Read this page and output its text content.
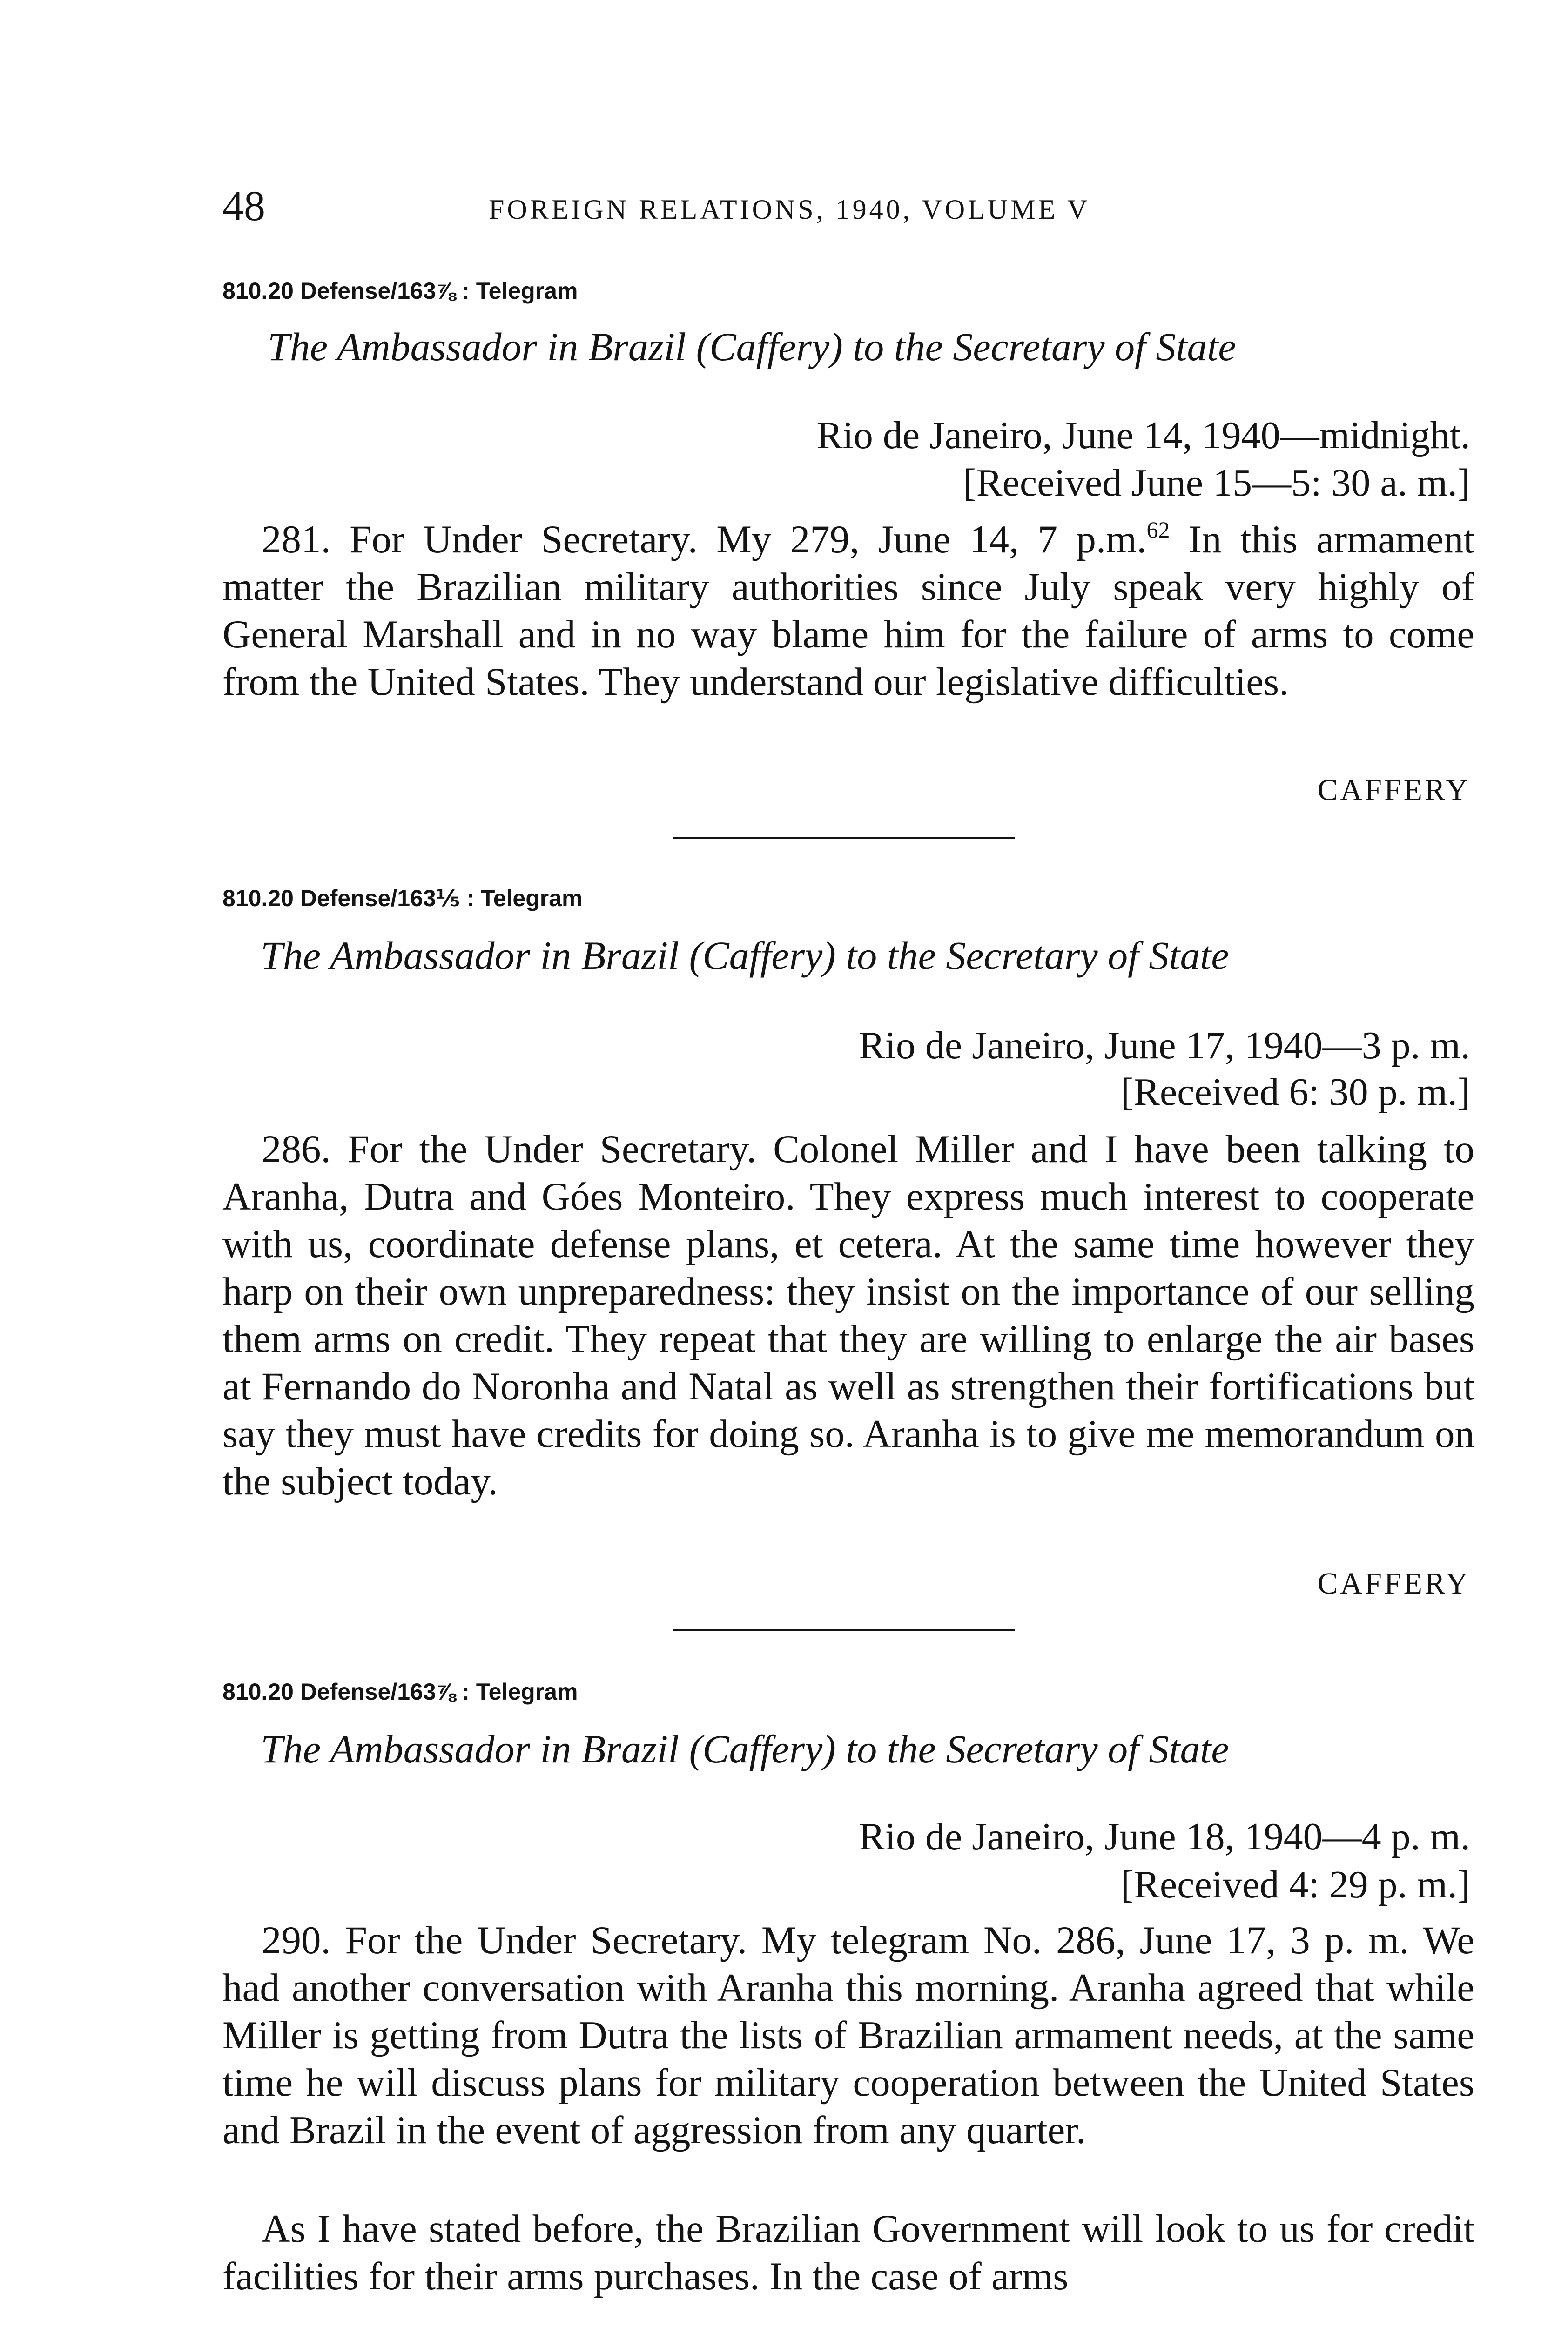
48	FOREIGN RELATIONS, 1940, VOLUME V
810.20 Defense/163⅞ : Telegram
The Ambassador in Brazil (Caffery) to the Secretary of State
Rio de Janeiro, June 14, 1940—midnight.
[Received June 15—5: 30 a. m.]

281. For Under Secretary. My 279, June 14, 7 p.m.$^{62}$ In this armament matter the Brazilian military authorities since July speak very highly of General Marshall and in no way blame him for the failure of arms to come from the United States. They understand our legislative difficulties.

CAFFERY
810.20 Defense/163⅕ : Telegram
The Ambassador in Brazil (Caffery) to the Secretary of State
Rio de Janeiro, June 17, 1940—3 p. m.
[Received 6: 30 p. m.]

286. For the Under Secretary. Colonel Miller and I have been talking to Aranha, Dutra and Góes Monteiro. They express much interest to cooperate with us, coordinate defense plans, et cetera. At the same time however they harp on their own unpreparedness: they insist on the importance of our selling them arms on credit. They repeat that they are willing to enlarge the air bases at Fernando do Noronha and Natal as well as strengthen their fortifications but say they must have credits for doing so. Aranha is to give me memorandum on the subject today.

CAFFERY
810.20 Defense/163⅞ : Telegram
The Ambassador in Brazil (Caffery) to the Secretary of State
Rio de Janeiro, June 18, 1940—4 p. m.
[Received 4: 29 p. m.]

290. For the Under Secretary. My telegram No. 286, June 17, 3 p. m. We had another conversation with Aranha this morning. Aranha agreed that while Miller is getting from Dutra the lists of Brazilian armament needs, at the same time he will discuss plans for military cooperation between the United States and Brazil in the event of aggression from any quarter.

As I have stated before, the Brazilian Government will look to us for credit facilities for their arms purchases. In the case of arms
